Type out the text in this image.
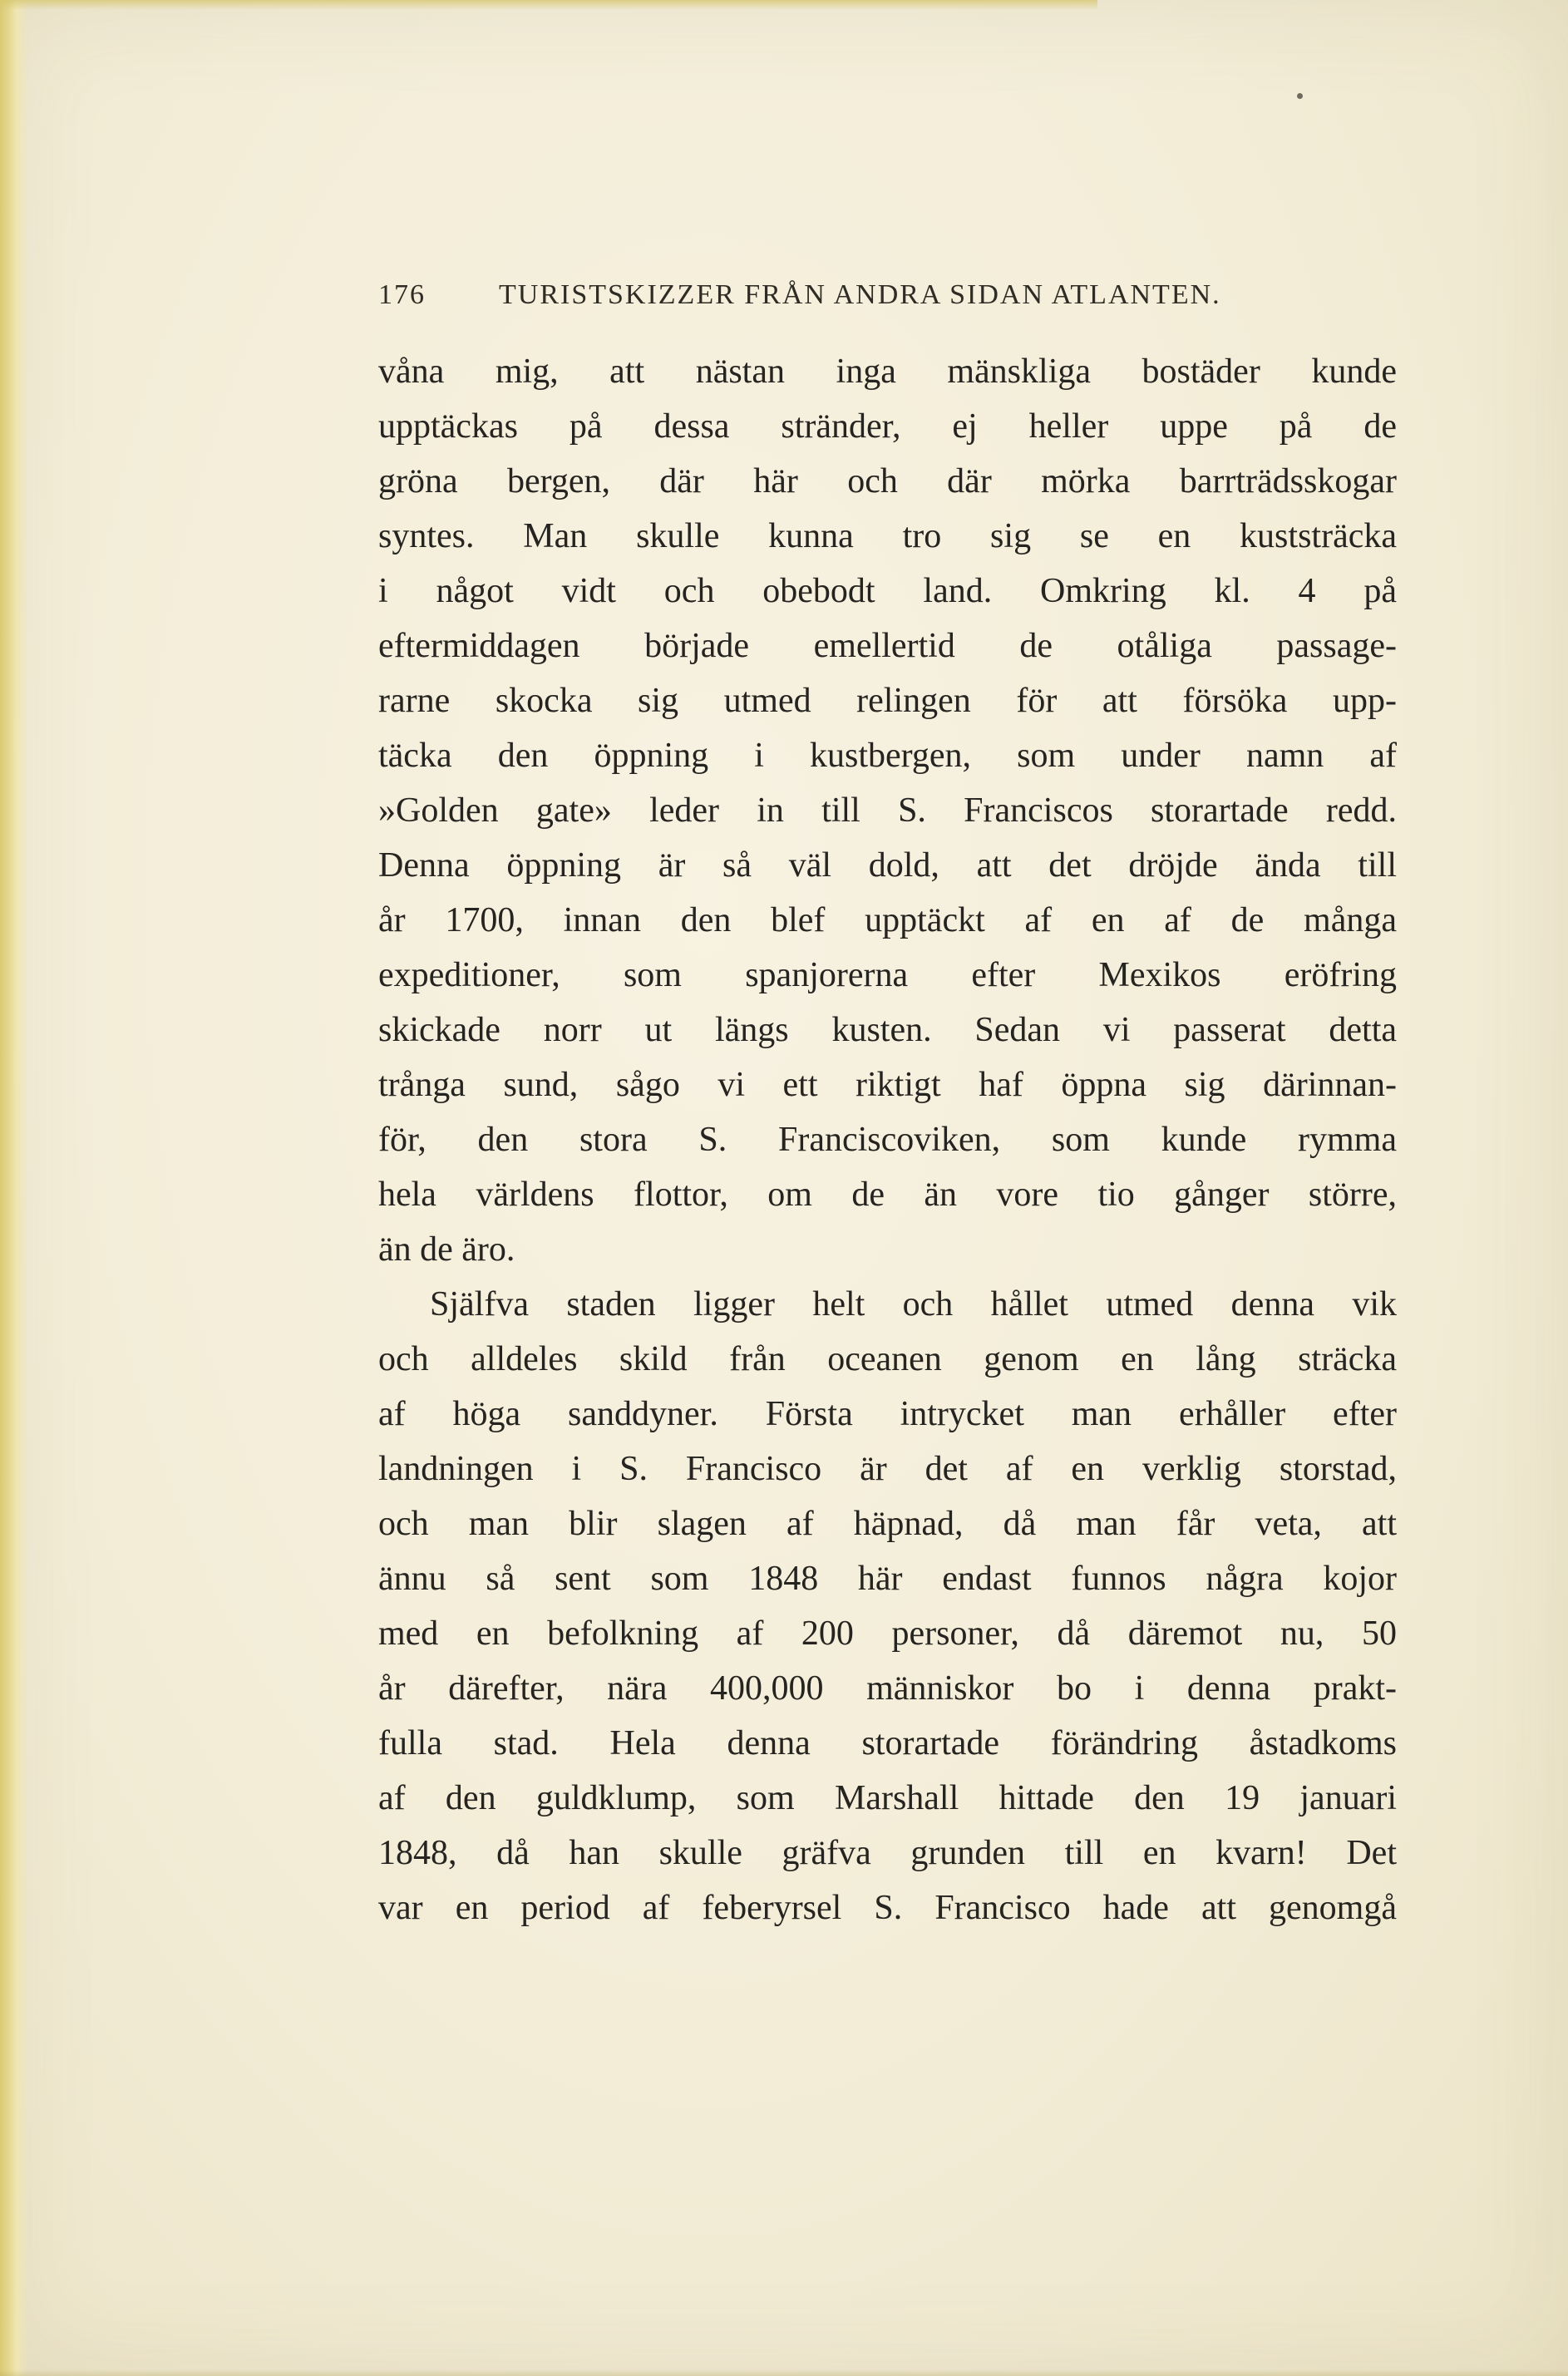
176	TURISTSKIZZER FRÅN ANDRA SIDAN ATLANTEN.
våna mig, att nästan inga mänskliga bostäder kunde
upptäckas på dessa stränder, ej heller uppe på de
gröna bergen, där här och där mörka barrträdsskogar
syntes. Man skulle kunna tro sig se en kuststräcka
i något vidt och obebodt land. Omkring kl. 4 på
eftermiddagen började emellertid de otåliga passage-
rarne skocka sig utmed relingen för att försöka upp-
täcka den öppning i kustbergen, som under namn af
»Golden gate» leder in till S. Franciscos storartade redd.
Denna öppning är så väl dold, att det dröjde ända till
år 1700, innan den blef upptäckt af en af de många
expeditioner, som spanjorerna efter Mexikos eröfring
skickade norr ut längs kusten. Sedan vi passerat detta
trånga sund, sågo vi ett riktigt haf öppna sig därinnan-
för, den stora S. Franciscoviken, som kunde rymma
hela världens flottor, om de än vore tio gånger större,
än de äro.
Själfva staden ligger helt och hållet utmed denna vik
och alldeles skild från oceanen genom en lång sträcka
af höga sanddyner. Första intrycket man erhåller efter
landningen i S. Francisco är det af en verklig storstad,
och man blir slagen af häpnad, då man får veta, att
ännu så sent som 1848 här endast funnos några kojor
med en befolkning af 200 personer, då däremot nu, 50
år därefter, nära 400,000 människor bo i denna prakt-
fulla stad. Hela denna storartade förändring åstadkoms
af den guldklump, som Marshall hittade den 19 januari
1848, då han skulle gräfva grunden till en kvarn! Det
var en period af feberyrsel S. Francisco hade att genomgå
